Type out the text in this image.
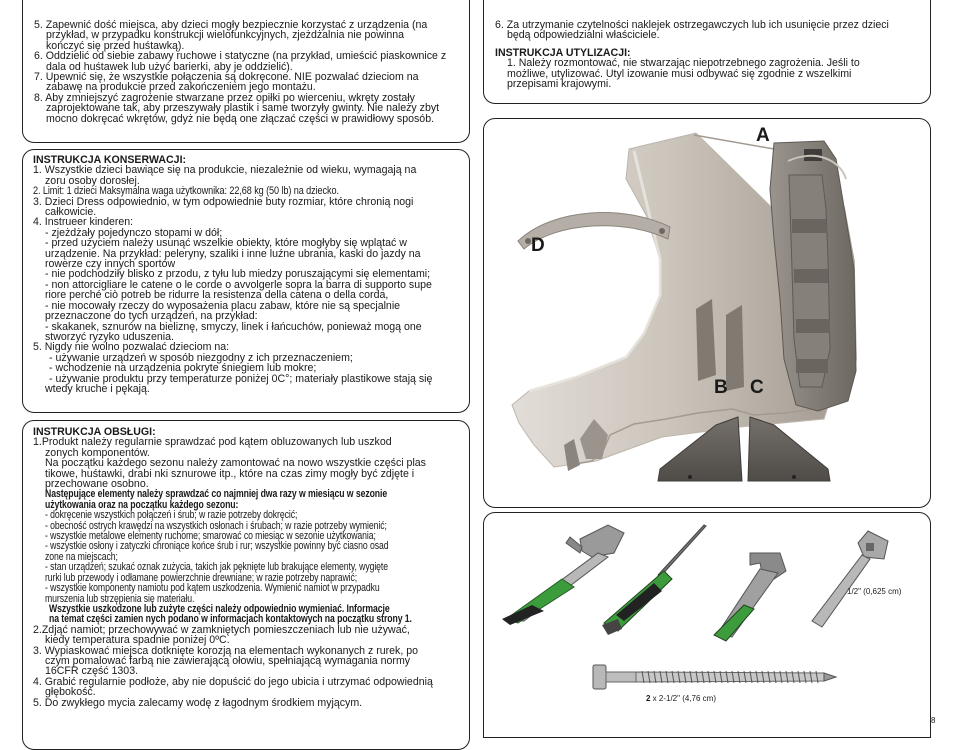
5. Zapewnić dość miejsca, aby dzieci mogły bezpiecznie korzystać z urządzenia (na
przykład, w przypadku konstrukcji wielofunkcyjnych, zjeżdżalnia nie powinna
kończyć się przed huśtawką).
6. Oddzielić od siebie zabawy ruchowe i statyczne (na przykład, umieścić piaskownice z
dala od huśtawek lub użyć barierki, aby je oddzielić).
7. Upewnić się, że wszystkie połączenia są dokręcone. NIE pozwalać dzieciom na
zabawę na produkcie przed zakończeniem jego montażu.
8. Aby zmniejszyć zagrożenie stwarzane przez opiłki po wierceniu, wkręty zostały
zaprojektowane tak, aby przeszywały plastik i same tworzyły gwinty. Nie należy zbyt
mocno dokręcać wkrętów, gdyż nie będą one złączać części w prawidłowy sposób.
INSTRUKCJA KONSERWACJI:
1. Wszystkie dzieci bawiące się na produkcie, niezależnie od wieku, wymagają na
zoru osoby dorosłej.
2. Limit: 1 dzieci Maksymalna waga użytkownika: 22,68 kg (50 lb) na dziecko.
3. Dzieci Dress odpowiednio, w tym odpowiednie buty rozmiar, które chronią nogi
całkowicie.
4. Instrueer kinderen:
- zjeżdżały pojedynczo stopami w dół;
- przed użyciem należy usunąć wszelkie obiekty, które mogłyby się wplątać w
urządzenie. Na przykład: peleryny, szaliki i inne luźne ubrania, kaski do jazdy na
rowerze czy innych sportów
- nie podchodziły blisko z przodu, z tyłu lub miedzy poruszającymi się elementami;
- non attorcigliare le catene o le corde o avvolgerle sopra la barra di supporto supe
riore perché ciò potreb be ridurre la resistenza della catena o della corda,
- nie mocowały rzeczy do wyposażenia placu zabaw, które nie są specjalnie
przeznaczone do tych urządzeń, na przykład:
- skakanek, sznurów na bieliznę, smyczy, linek i łańcuchów, ponieważ mogą one
stworzyć ryzyko uduszenia.
5. Nigdy nie wolno pozwalać dzieciom na:
- używanie urządzeń w sposób niezgodny z ich przeznaczeniem;
- wchodzenie na urządzenia pokryte śniegiem lub mokre;
- używanie produktu przy temperaturze poniżej 0C°; materiały plastikowe stają się
wtedy kruche i pękają.
INSTRUKCJA OBSŁUGI:
1.Produkt należy regularnie sprawdzać pod kątem obluzowanych lub uszkod
zonych komponentów.
Na początku każdego sezonu należy zamontować na nowo wszystkie części plas
tikowe, huśtawki, drabi nki sznurowe itp., które na czas zimy mogły być zdjęte i
przechowane osobno.
Następujące elementy należy sprawdzać co najmniej dwa razy w miesiącu w sezonie
użytkowania oraz na początku każdego sezonu:
- dokręcenie wszystkich połączeń i śrub; w razie potrzeby dokręcić;
- obecność ostrych krawędzi na wszystkich osłonach i śrubach; w razie potrzeby wymienić;
- wszystkie metalowe elementy ruchome; smarować co miesiąc w sezonie użytkowania;
- wszystkie osłony i zatyczki chroniące końce śrub i rur; wszystkie powinny być ciasno osad
zone na miejscach;
- stan urządzeń; szukać oznak zużycia, takich jak pęknięte lub brakujące elementy, wygięte
rurki lub przewody i odłamane powierzchnie drewniane; w razie potrzeby naprawić;
- wszystkie komponenty namiotu pod kątem uszkodzenia. Wymienić namiot w przypadku
murszenia lub strzępienia się materiału.
Wszystkie uszkodzone lub zużyte części należy odpowiednio wymieniać. Informacje
na temat części zamien nych podano w informacjach kontaktowych na początku strony 1.
2.Zdjąć namiot; przechowywać w zamkniętych pomieszczeniach lub nie używać,
kiedy temperatura spadnie poniżej 0ºC.
3. Wypiaskować miejsca dotknięte korozją na elementach wykonanych z rurek, po
czym pomalować farbą nie zawierającą ołowiu, spełniającą wymagania normy
16CFR część 1303.
4. Grabić regularnie podłoże, aby nie dopuścić do jego ubicia i utrzymać odpowiednią
głębokość.
5. Do zwykłego mycia zalecamy wodę z łagodnym środkiem myjącym.
6. Za utrzymanie czytelności naklejek ostrzegawczych lub ich usunięcie przez dzieci
będą odpowiedzialni właściciele.
INSTRUKCJA UTYLIZACJI:
1. Należy rozmontować, nie stwarzając niepotrzebnego zagrożenia. Jeśli to
możliwe, utylizować. Utyl izowanie musi odbywać się zgodnie z wszelkimi
przepisami krajowymi.
A
D
B C
1/2" (0,625 cm)
2 x 2-1/2" (4,76 cm)
8
